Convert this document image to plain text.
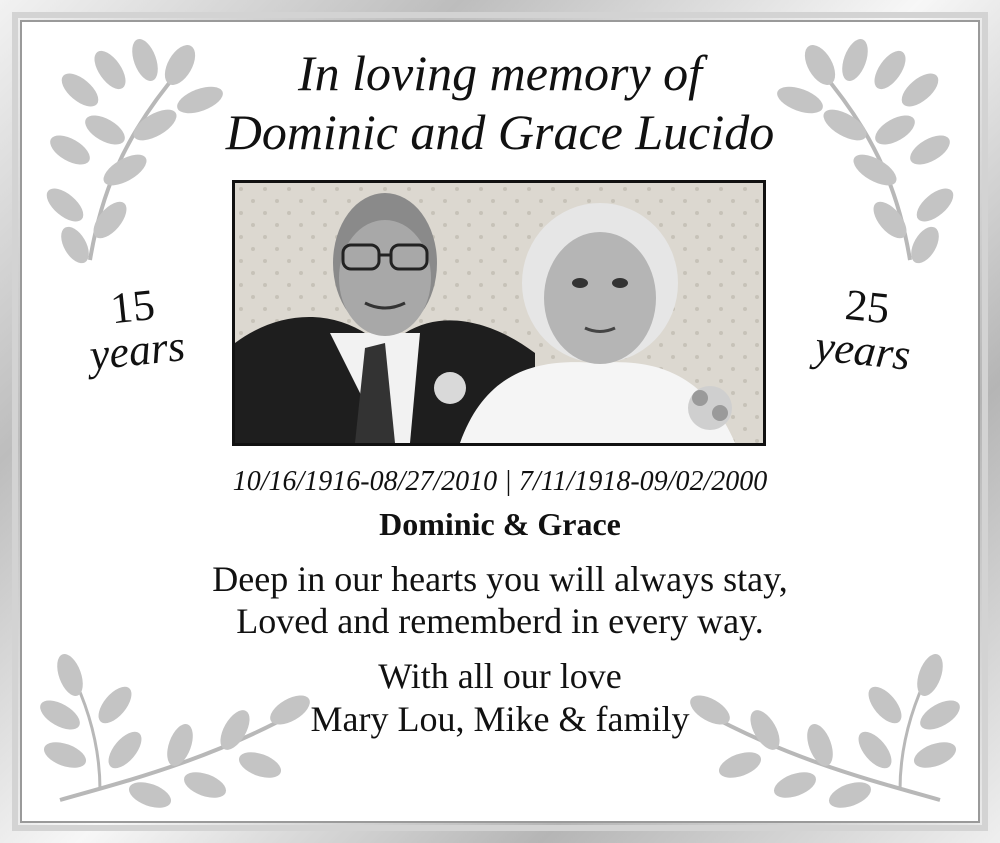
In loving memory of
Dominic and Grace Lucido
15
years
25
years
10/16/1916-08/27/2010 | 7/11/1918-09/02/2000
Dominic & Grace
Deep in our hearts you will always stay,
Loved and rememberd in every way.
With all our love
Mary Lou, Mike & family
